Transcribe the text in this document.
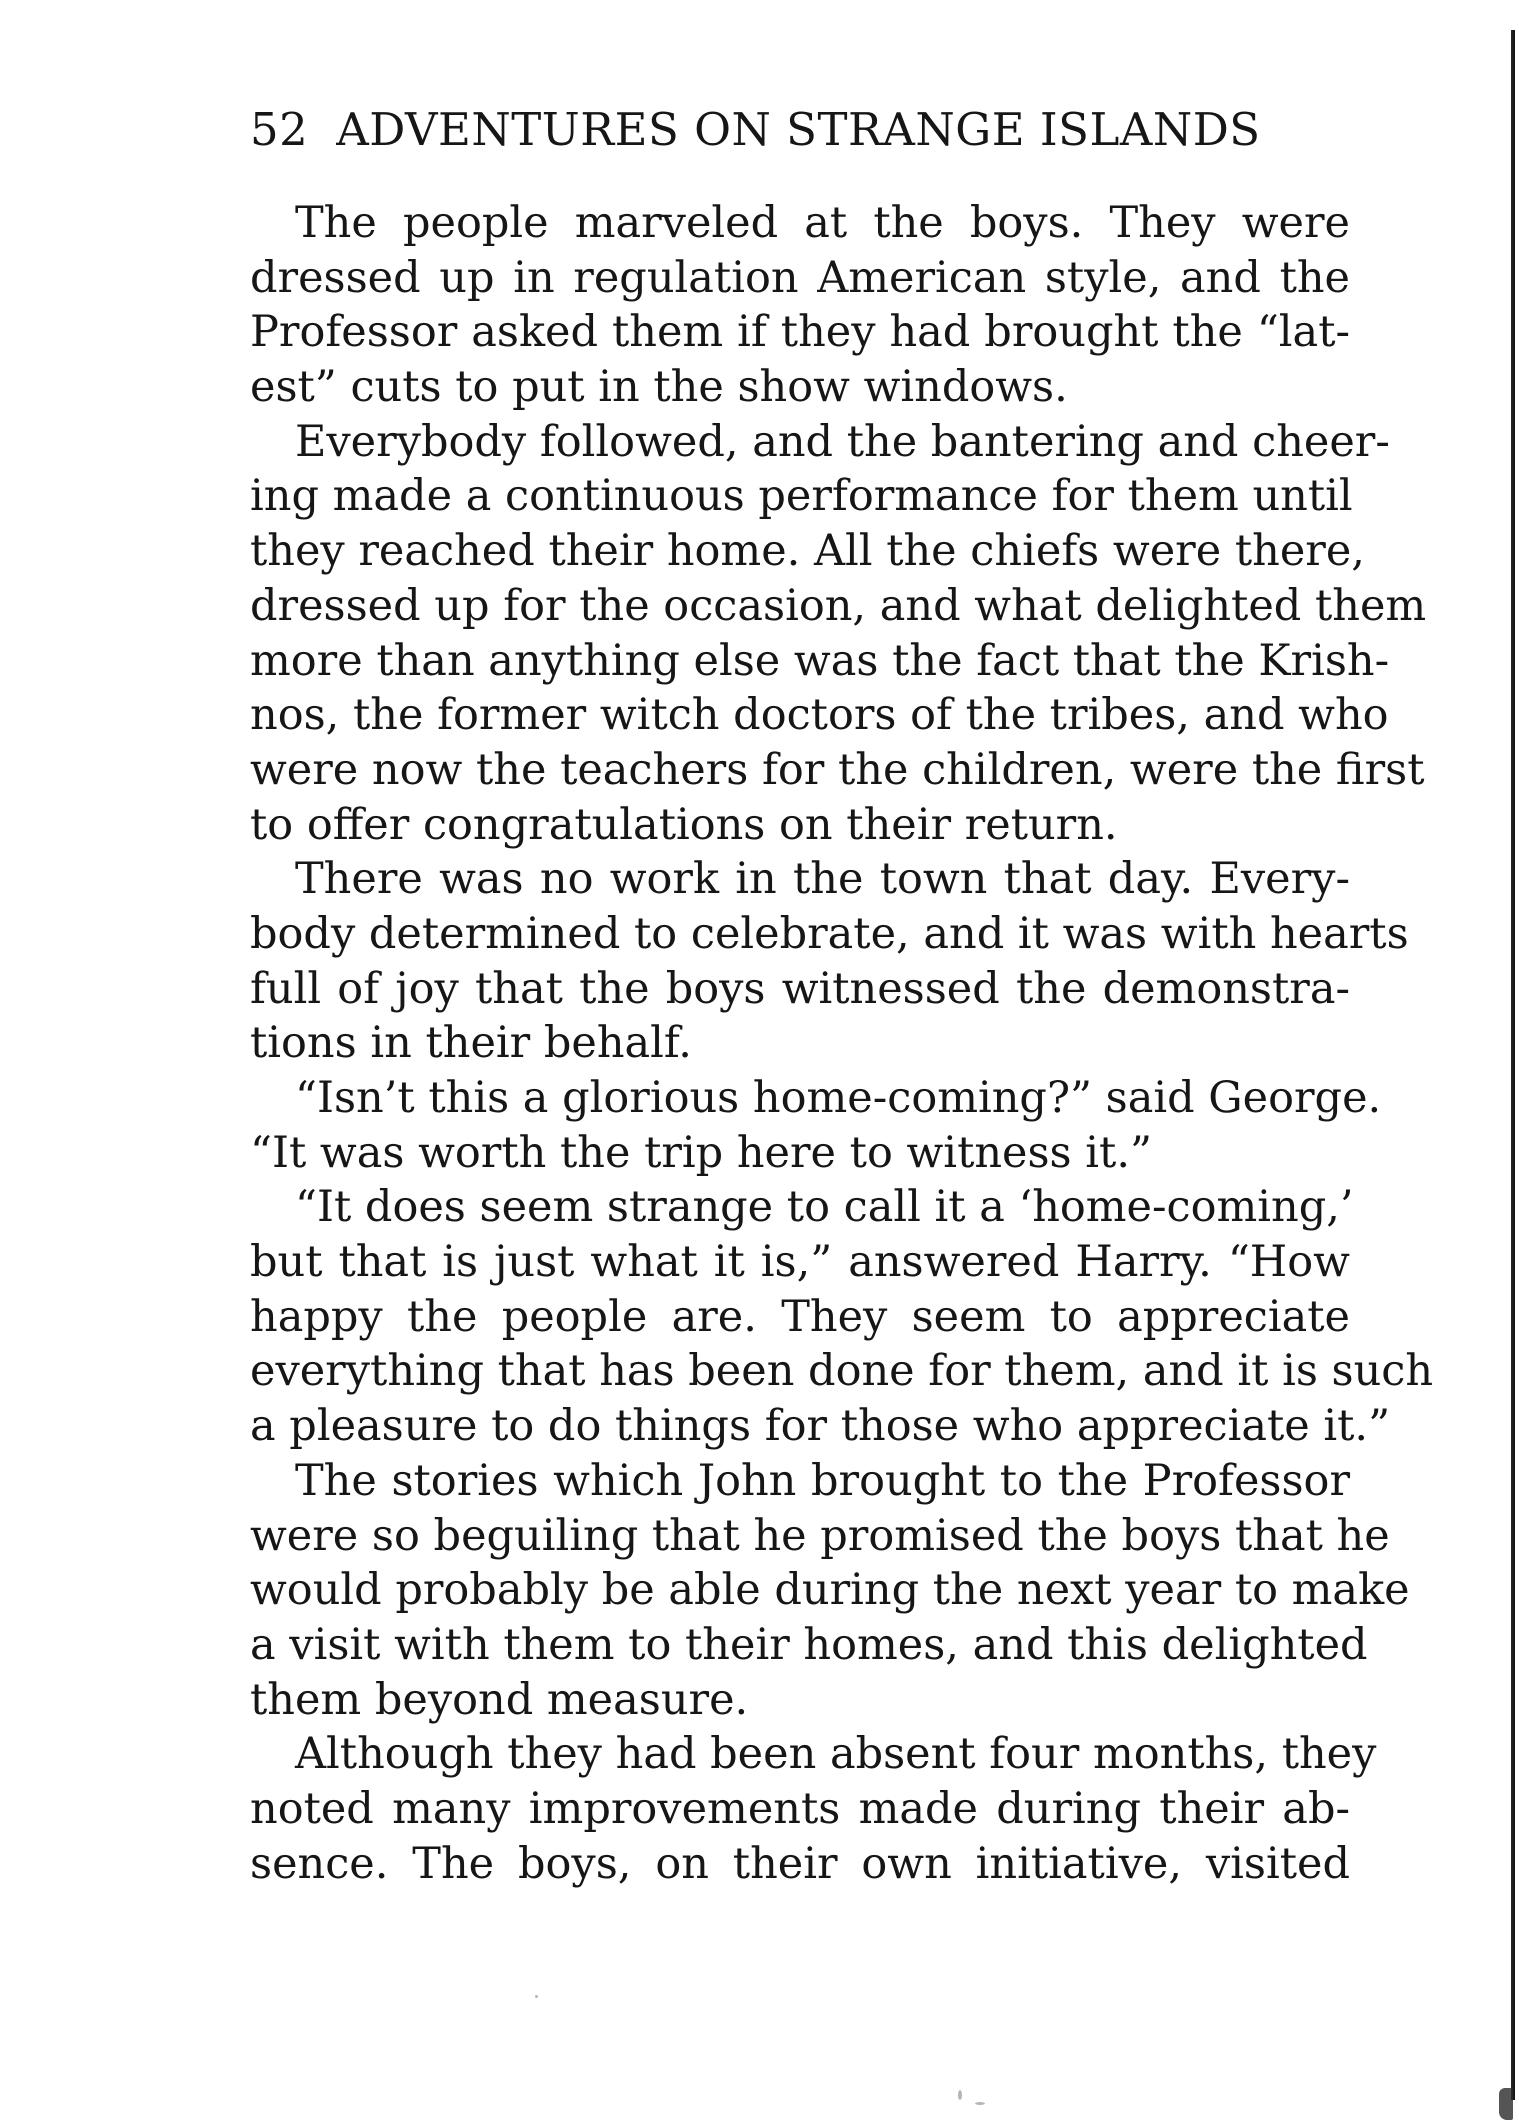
52 ADVENTURES ON STRANGE ISLANDS
The people marveled at the boys. They were
dressed up in regulation American style, and the
Professor asked them if they had brought the “lat-
est” cuts to put in the show windows.
Everybody followed, and the bantering and cheer-
ing made a continuous performance for them until
they reached their home. All the chiefs were there,
dressed up for the occasion, and what delighted them
more than anything else was the fact that the Krish-
nos, the former witch doctors of the tribes, and who
were now the teachers for the children, were the first
to offer congratulations on their return.
There was no work in the town that day. Every-
body determined to celebrate, and it was with hearts
full of joy that the boys witnessed the demonstra-
tions in their behalf.
“Isn’t this a glorious home-coming?” said George.
“It was worth the trip here to witness it.”
“It does seem strange to call it a ‘home-coming,’
but that is just what it is,” answered Harry. “How
happy the people are. They seem to appreciate
everything that has been done for them, and it is such
a pleasure to do things for those who appreciate it.”
The stories which John brought to the Professor
were so beguiling that he promised the boys that he
would probably be able during the next year to make
a visit with them to their homes, and this delighted
them beyond measure.
Although they had been absent four months, they
noted many improvements made during their ab-
sence. The boys, on their own initiative, visited
